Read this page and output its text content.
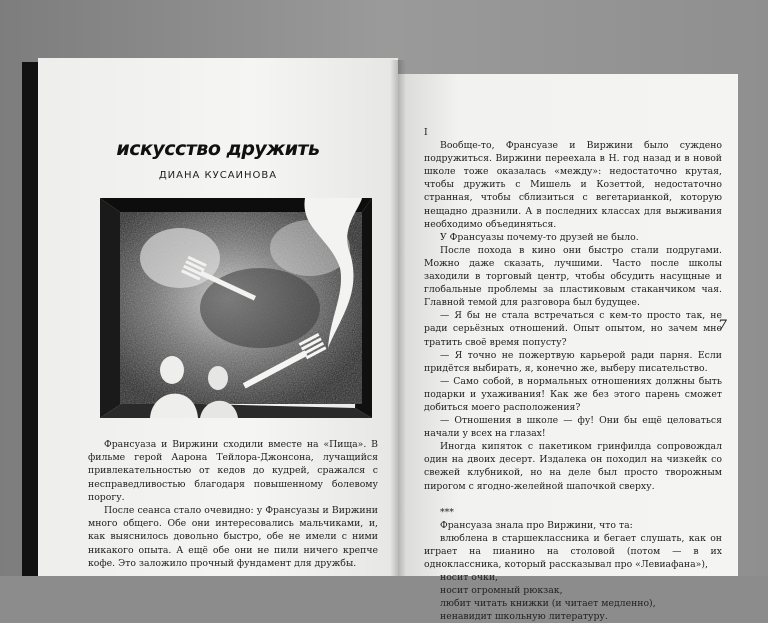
искусство дружить
ДИАНА КУСАИНОВА

Франсуаза и Виржини сходили вместе на «Пища». В фильме герой Аарона Тейлора-Джонсона, лучащийся привлекательностью от кедов до кудрей, сражался с несправедливостью благодаря повышенному болевому порогу.

После сеанса стало очевидно: у Франсуазы и Виржини много общего. Обе они интересовались мальчиками, и, как выяснилось довольно быстро, обе не имели с ними никакого опыта. А ещё обе они не пили ничего крепче кофе. Это заложило прочный фундамент для дружбы.

I

Вообще-то, Франсуазе и Виржини было суждено подружиться. Виржини переехала в Н. год назад и в новой школе тоже оказалась «между»: недостаточно крутая, чтобы дружить с Мишель и Козеттой, недостаточно странная, чтобы сблизиться с вегетарианкой, которую нещадно дразнили. А в последних классах для выживания необходимо объединяться.

У Франсуазы почему-то друзей не было.

После похода в кино они быстро стали подругами. Можно даже сказать, лучшими. Часто после школы заходили в торговый центр, чтобы обсудить насущные и глобальные проблемы за пластиковым стаканчиком чая. Главной темой для разговора был будущее.

— Я бы не стала встречаться с кем-то просто так, не ради серьёзных отношений. Опыт опытом, но зачем мне тратить своё время попусту?

— Я точно не пожертвую карьерой ради парня. Если придётся выбирать, я, конечно же, выберу писательство.

— Само собой, в нормальных отношениях должны быть подарки и ухаживания! Как же без этого парень сможет добиться моего расположения?

— Отношения в школе — фу! Они бы ещё целоваться начали у всех на глазах!

Иногда кипяток с пакетиком гринфилда сопровождал один на двоих десерт. Издалека он походил на чизкейк со свежей клубникой, но на деле был просто творожным пирогом с ягодно-желейной шапочкой сверху.

***

Франсуаза знала про Виржини, что та:

влюблена в старшеклассника и бегает слушать, как он играет на пианино на столовой (потом — в их одноклассника, который рассказывал про «Левиафана»),

носит очки,

носит огромный рюкзак,

любит читать книжки (и читает медленно),

ненавидит школьную литературу.

7
